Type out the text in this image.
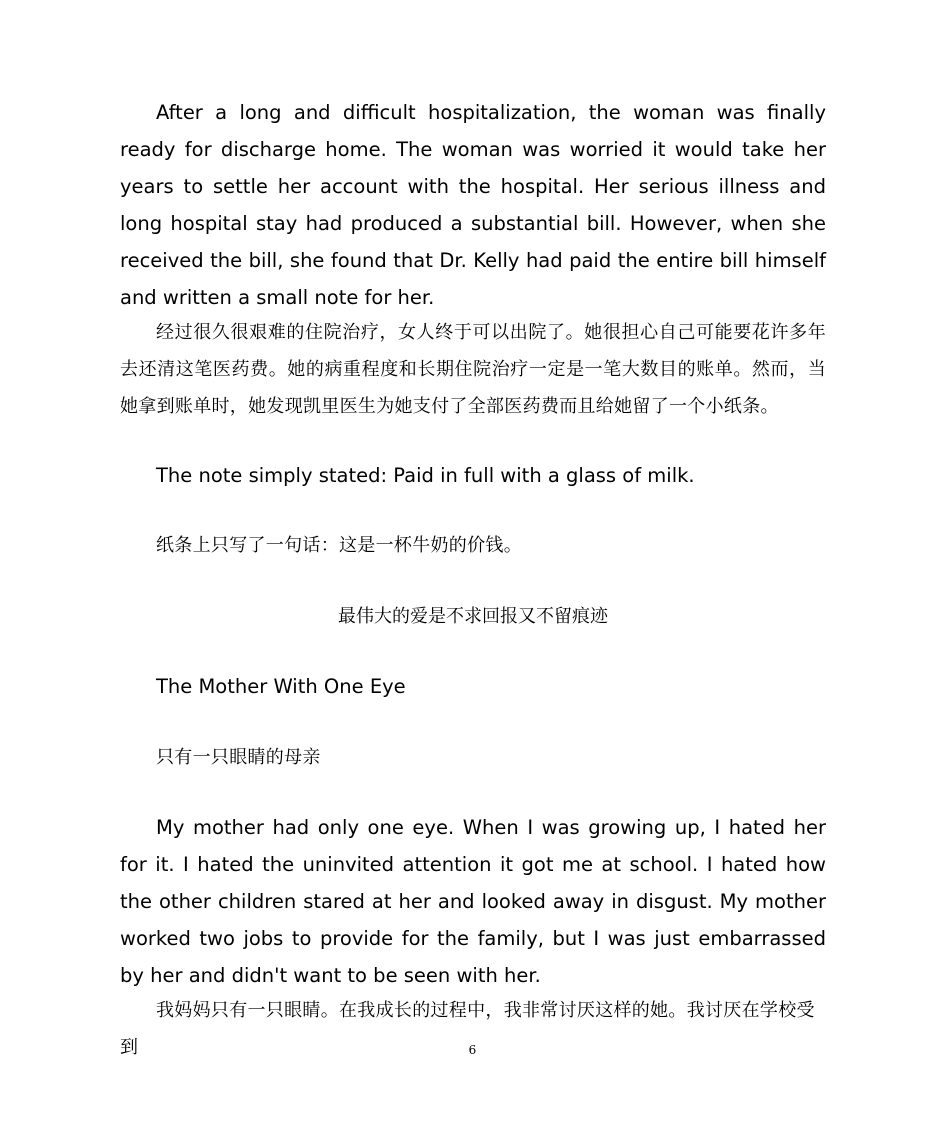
After a long and difficult hospitalization, the woman was finally ready for discharge home. The woman was worried it would take her years to settle her account with the hospital. Her serious illness and long hospital stay had produced a substantial bill. However, when she received the bill, she found that Dr. Kelly had paid the entire bill himself and written a small note for her.

经过很久很艰难的住院治疗，女人终于可以出院了。她很担心自己可能要花许多年去还清这笔医药费。她的病重程度和长期住院治疗一定是一笔大数目的账单。然而，当她拿到账单时，她发现凯里医生为她支付了全部医药费而且给她留了一个小纸条。

The note simply stated: Paid in full with a glass of milk.

纸条上只写了一句话：这是一杯牛奶的价钱。

最伟大的爱是不求回报又不留痕迹

The Mother With One Eye

只有一只眼睛的母亲

My mother had only one eye. When I was growing up, I hated her for it. I hated the uninvited attention it got me at school. I hated how the other children stared at her and looked away in disgust. My mother worked two jobs to provide for the family, but I was just embarrassed by her and didn't want to be seen with her.

我妈妈只有一只眼睛。在我成长的过程中，我非常讨厌这样的她。我讨厌在学校受到	6
